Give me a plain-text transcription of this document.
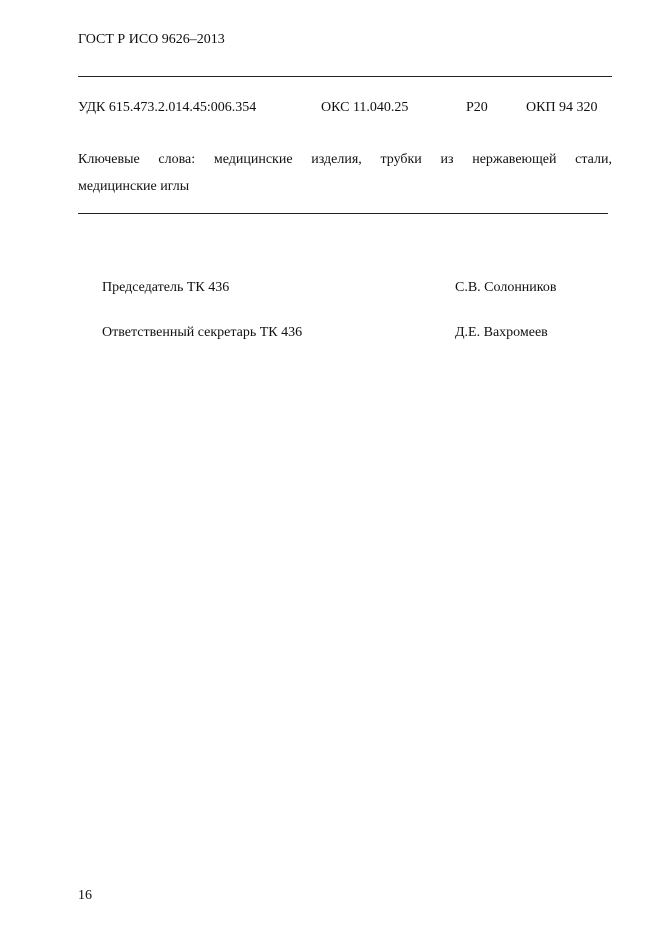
ГОСТ Р ИСО 9626–2013
УДК 615.473.2.014.45:006.354	ОКС 11.040.25	Р20	ОКП 94 320
Ключевые слова: медицинские изделия, трубки из нержавеющей стали,
медицинские иглы
Председатель ТК 436	С.В. Солонников
Ответственный секретарь ТК 436	Д.Е. Вахромеев
16
